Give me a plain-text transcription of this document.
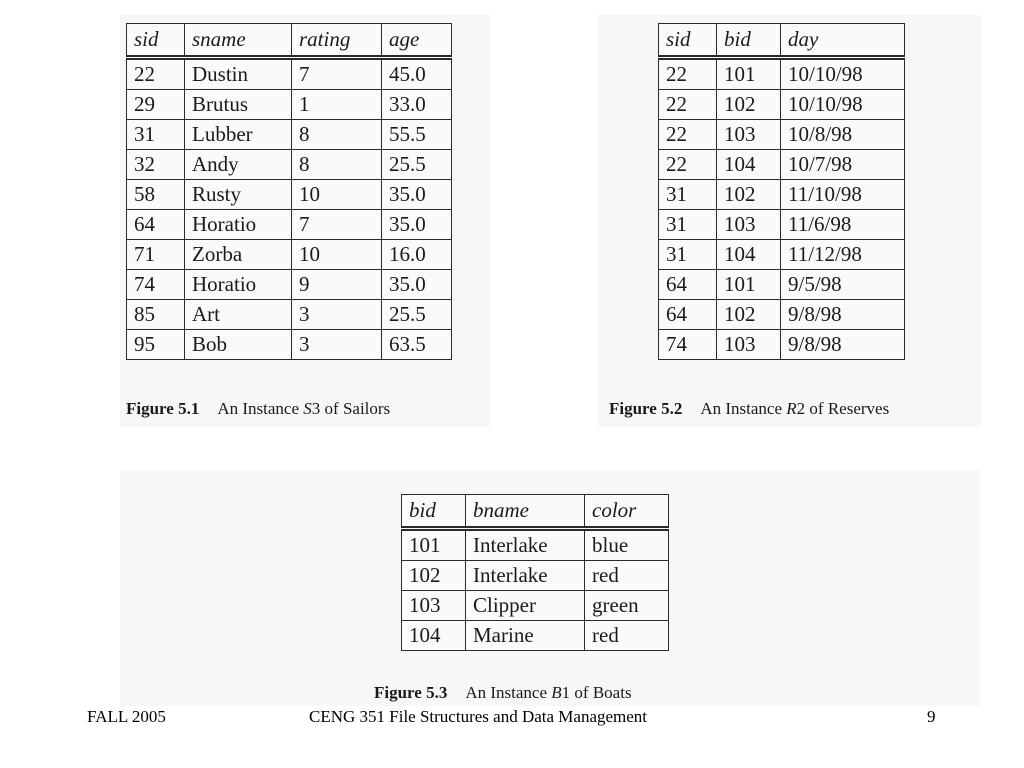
sid	sname	rating	age
22	Dustin	7	45.0
29	Brutus	1	33.0
31	Lubber	8	55.5
32	Andy	8	25.5
58	Rusty	10	35.0
64	Horatio	7	35.0
71	Zorba	10	16.0
74	Horatio	9	35.0
85	Art	3	25.5
95	Bob	3	63.5
Figure 5.1 An Instance S3 of Sailors
sid	bid	day
22	101	10/10/98
22	102	10/10/98
22	103	10/8/98
22	104	10/7/98
31	102	11/10/98
31	103	11/6/98
31	104	11/12/98
64	101	9/5/98
64	102	9/8/98
74	103	9/8/98
Figure 5.2 An Instance R2 of Reserves
bid	bname	color
101	Interlake	blue
102	Interlake	red
103	Clipper	green
104	Marine	red
Figure 5.3 An Instance B1 of Boats
FALL 2005	CENG 351 File Structures and Data Management	9
